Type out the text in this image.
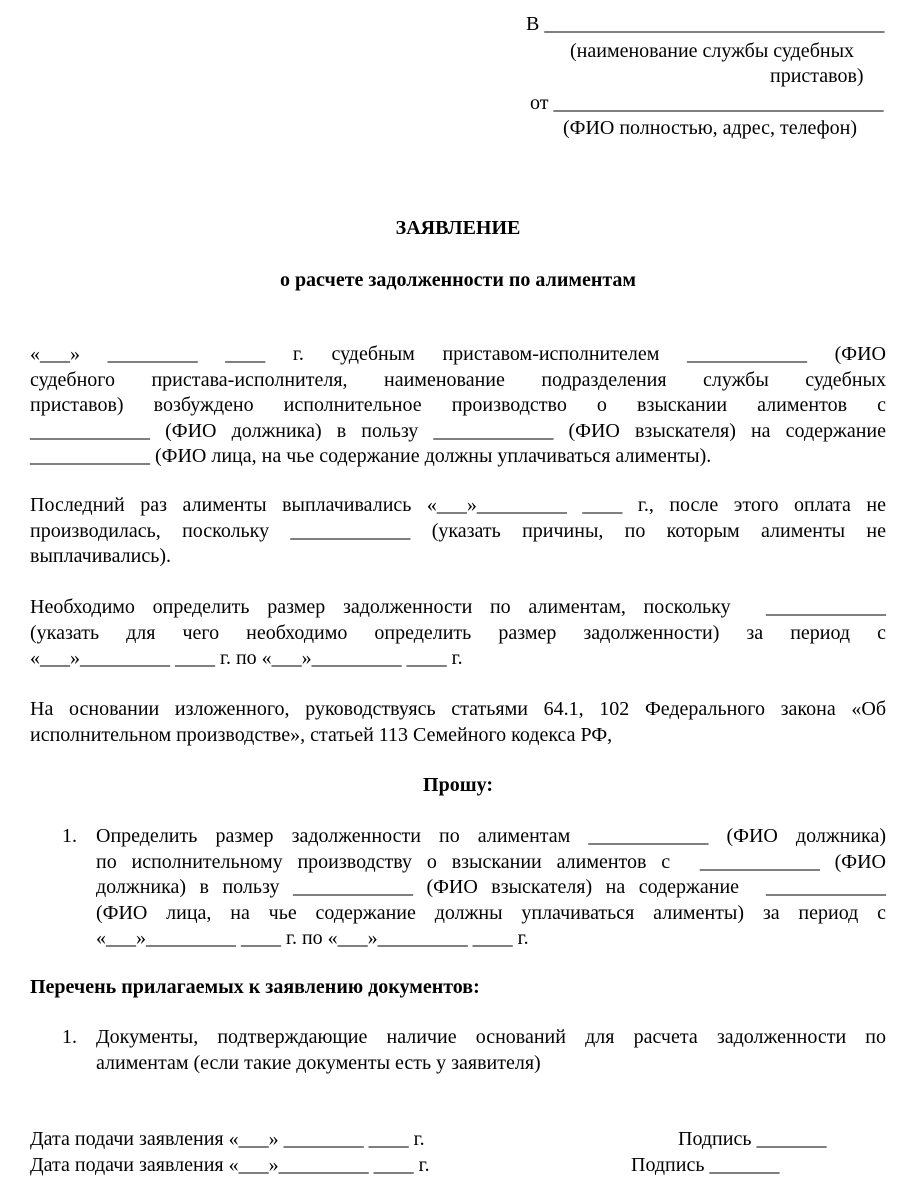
В __________________________________
(наименование службы судебных
приставов)
от _________________________________
(ФИО полностью, адрес, телефон)
ЗАЯВЛЕНИЕ
о расчете задолженности по алиментам
«___» _________ ____ г. судебным приставом-исполнителем ____________ (ФИО
судебного пристава-исполнителя, наименование подразделения службы судебных
приставов) возбуждено исполнительное производство о взыскании алиментов с
____________ (ФИО должника) в пользу ____________ (ФИО взыскателя) на содержание
____________ (ФИО лица, на чье содержание должны уплачиваться алименты).
Последний раз алименты выплачивались «___»_________ ____ г., после этого оплата не
производилась, поскольку ____________ (указать причины, по которым алименты не
выплачивались).
Необходимо определить размер задолженности по алиментам, поскольку  ____________
(указать для чего необходимо определить размер задолженности) за период с
«___»_________ ____ г. по «___»_________ ____ г.
На основании изложенного, руководствуясь статьями 64.1, 102 Федерального закона «Об
исполнительном производстве», статьей 113 Семейного кодекса РФ,
Прошу:
1. Определить размер задолженности по алиментам ____________ (ФИО должника)
по исполнительному производству о взыскании алиментов с  ____________ (ФИО
должника) в пользу ____________ (ФИО взыскателя) на содержание  ____________
(ФИО лица, на чье содержание должны уплачиваться алименты) за период с
«___»_________ ____ г. по «___»_________ ____ г.
Перечень прилагаемых к заявлению документов:
1. Документы, подтверждающие наличие оснований для расчета задолженности по
алиментам (если такие документы есть у заявителя)
Дата подачи заявления «___» ________ ____ г.	Подпись _______
Дата подачи заявления «___»_________ ____ г.	Подпись _______
